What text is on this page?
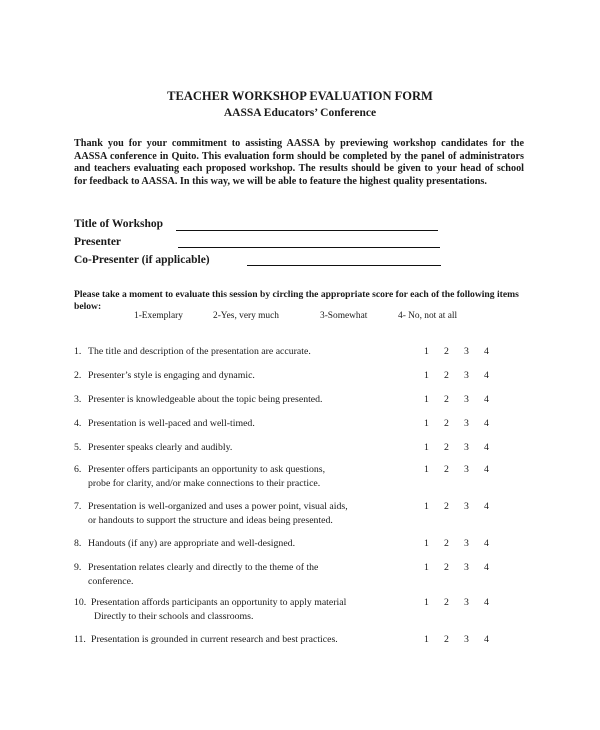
TEACHER WORKSHOP EVALUATION FORM
AASSA Educators’ Conference
Thank you for your commitment to assisting AASSA by previewing workshop candidates for the AASSA conference in Quito. This evaluation form should be completed by the panel of administrators and teachers evaluating each proposed workshop. The results should be given to your head of school for feedback to AASSA. In this way, we will be able to feature the highest quality presentations.
Title of Workshop
Presenter
Co-Presenter (if applicable)
Please take a moment to evaluate this session by circling the appropriate score for each of the following items below:
1-Exemplary	2-Yes, very much	3-Somewhat	4- No, not at all
1. The title and description of the presentation are accurate.	1 2 3 4
2. Presenter’s style is engaging and dynamic.	1 2 3 4
3. Presenter is knowledgeable about the topic being presented.	1 2 3 4
4. Presentation is well-paced and well-timed.	1 2 3 4
5. Presenter speaks clearly and audibly.	1 2 3 4
6. Presenter offers participants an opportunity to ask questions,
probe for clarity, and/or make connections to their practice.
1 2 3 4
7. Presentation is well-organized and uses a power point, visual aids,
or handouts to support the structure and ideas being presented.
1 2 3 4
8. Handouts (if any) are appropriate and well-designed.	1 2 3 4
9. Presentation relates clearly and directly to the theme of the
conference.
1 2 3 4
10. Presentation affords participants an opportunity to apply material
Directly to their schools and classrooms.
1 2 3 4
11. Presentation is grounded in current research and best practices.	1 2 3 4
